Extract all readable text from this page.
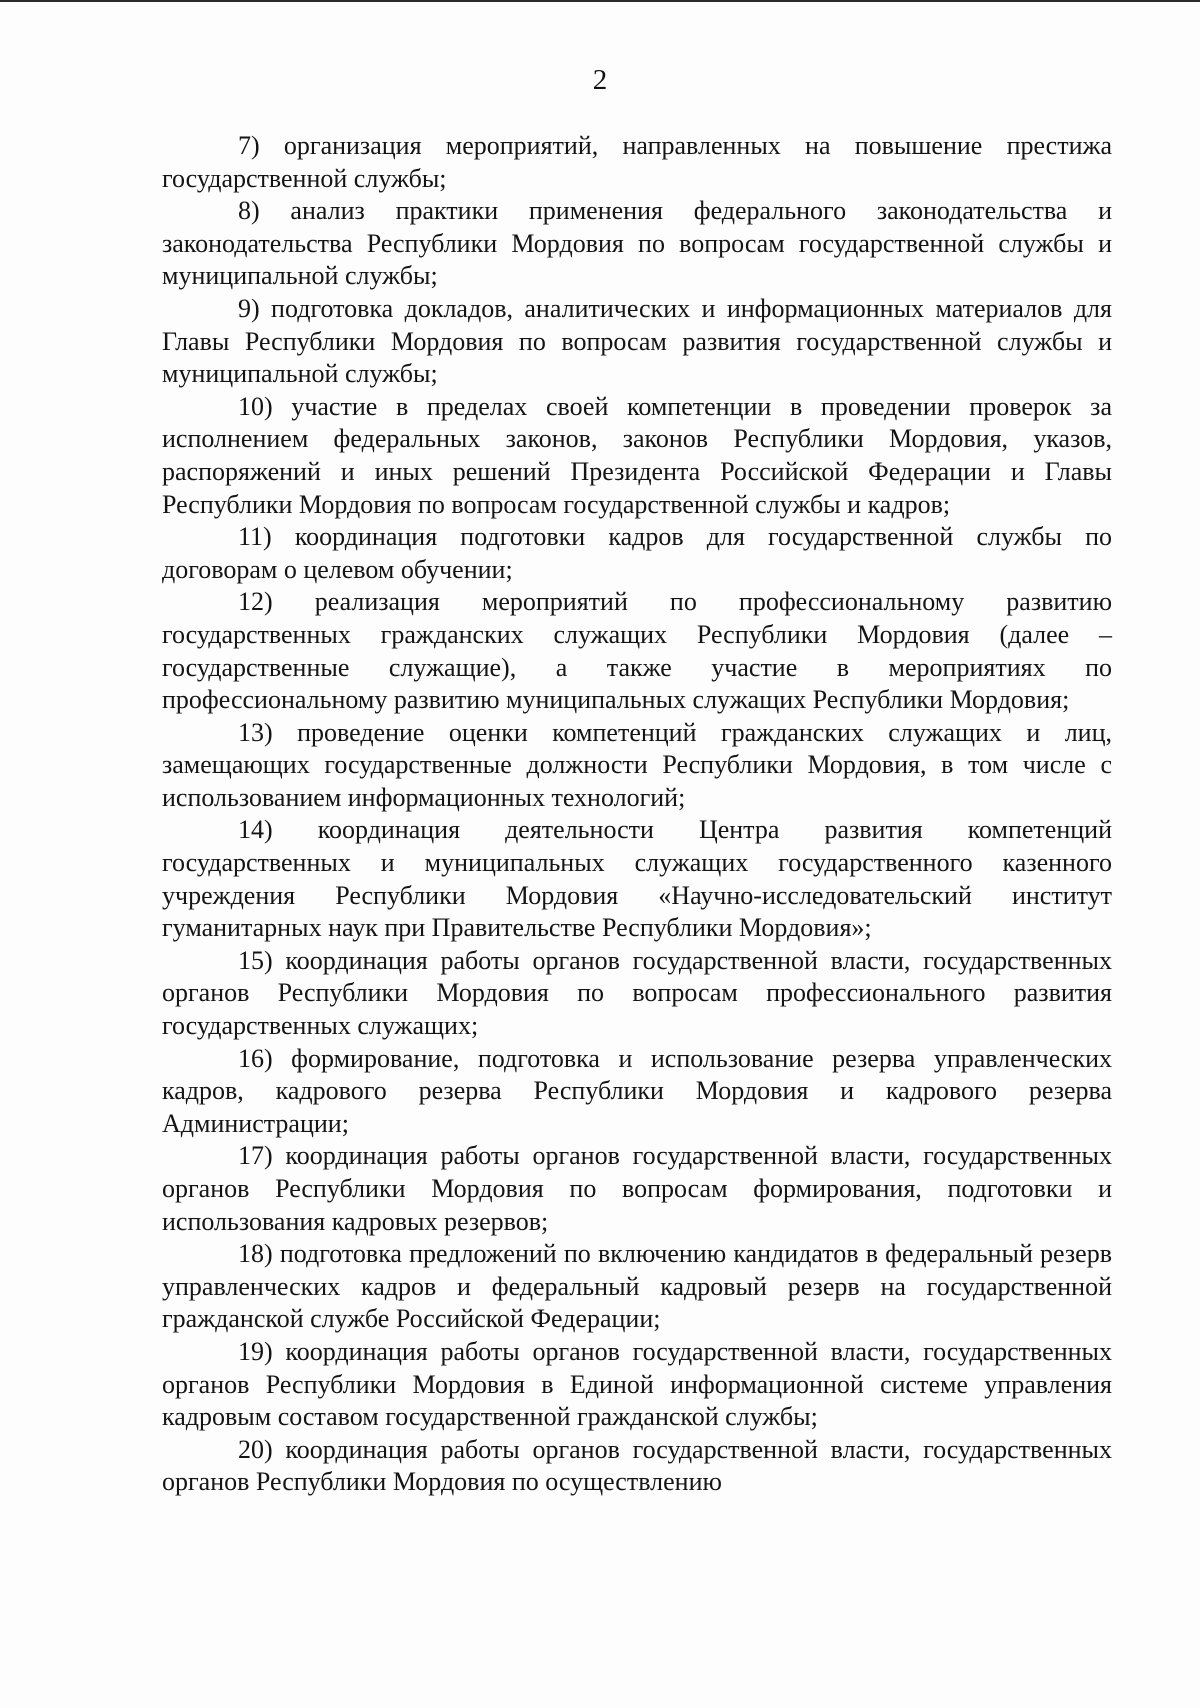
2

7) организация мероприятий, направленных на повышение престижа государственной службы;

8) анализ практики применения федерального законодательства и законодательства Республики Мордовия по вопросам государственной службы и муниципальной службы;

9) подготовка докладов, аналитических и информационных материалов для Главы Республики Мордовия по вопросам развития государственной службы и муниципальной службы;

10) участие в пределах своей компетенции в проведении проверок за исполнением федеральных законов, законов Республики Мордовия, указов, распоряжений и иных решений Президента Российской Федерации и Главы Республики Мордовия по вопросам государственной службы и кадров;

11) координация подготовки кадров для государственной службы по договорам о целевом обучении;

12) реализация мероприятий по профессиональному развитию государственных гражданских служащих Республики Мордовия (далее – государственные служащие), а также участие в мероприятиях по профессиональному развитию муниципальных служащих Республики Мордовия;

13) проведение оценки компетенций гражданских служащих и лиц, замещающих государственные должности Республики Мордовия, в том числе с использованием информационных технологий;

14) координация деятельности Центра развития компетенций государственных и муниципальных служащих государственного казенного учреждения Республики Мордовия «Научно-исследовательский институт гуманитарных наук при Правительстве Республики Мордовия»;

15) координация работы органов государственной власти, государственных органов Республики Мордовия по вопросам профессионального развития государственных служащих;

16) формирование, подготовка и использование резерва управленческих кадров, кадрового резерва Республики Мордовия и кадрового резерва Администрации;

17) координация работы органов государственной власти, государственных органов Республики Мордовия по вопросам формирования, подготовки и использования кадровых резервов;

18) подготовка предложений по включению кандидатов в федеральный резерв управленческих кадров и федеральный кадровый резерв на государственной гражданской службе Российской Федерации;

19) координация работы органов государственной власти, государственных органов Республики Мордовия в Единой информационной системе управления кадровым составом государственной гражданской службы;

20) координация работы органов государственной власти, государственных органов Республики Мордовия по осуществлению
